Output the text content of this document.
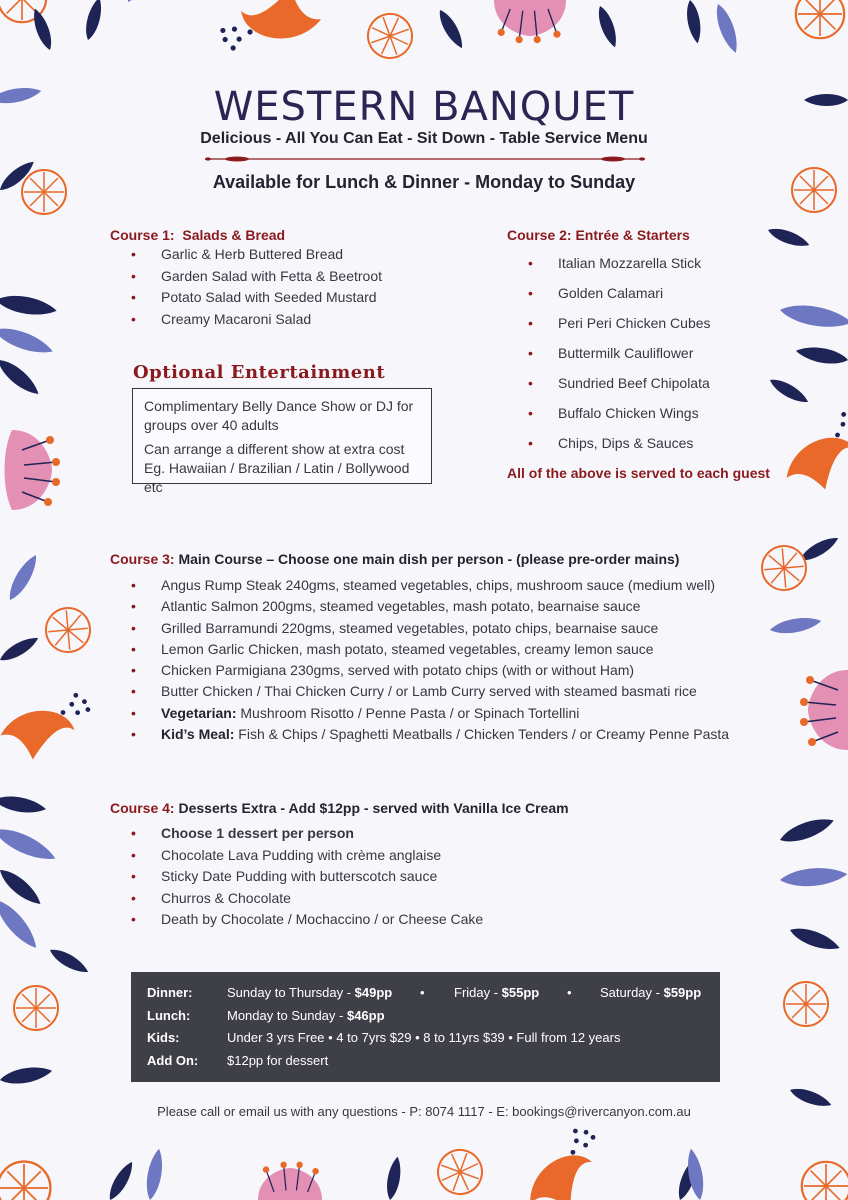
WESTERN BANQUET
Delicious - All You Can Eat - Sit Down - Table Service Menu
Available for Lunch & Dinner - Monday to Sunday
Course 1: Salads & Bread
• Garlic & Herb Buttered Bread
• Garden Salad with Fetta & Beetroot
• Potato Salad with Seeded Mustard
• Creamy Macaroni Salad
Optional Entertainment

Complimentary Belly Dance Show or DJ for groups over 40 adults

Can arrange a different show at extra cost Eg. Hawaiian / Brazilian / Latin / Bollywood etc

Course 2: Entrée & Starters
• Italian Mozzarella Stick
• Golden Calamari
• Peri Peri Chicken Cubes
• Buttermilk Cauliflower
• Sundried Beef Chipolata
• Buffalo Chicken Wings
• Chips, Dips & Sauces
All of the above is served to each guest
Course 3: Main Course – Choose one main dish per person - (please pre-order mains)
• Angus Rump Steak 240gms, steamed vegetables, chips, mushroom sauce (medium well)
• Atlantic Salmon 200gms, steamed vegetables, mash potato, bearnaise sauce
• Grilled Barramundi 220gms, steamed vegetables, potato chips, bearnaise sauce
• Lemon Garlic Chicken, mash potato, steamed vegetables, creamy lemon sauce
• Chicken Parmigiana 230gms, served with potato chips (with or without Ham)
• Butter Chicken / Thai Chicken Curry / or Lamb Curry served with steamed basmati rice
• Vegetarian: Mushroom Risotto / Penne Pasta / or Spinach Tortellini
• Kid’s Meal: Fish & Chips / Spaghetti Meatballs / Chicken Tenders / or Creamy Penne Pasta
Course 4: Desserts Extra - Add $12pp - served with Vanilla Ice Cream
• Choose 1 dessert per person
• Chocolate Lava Pudding with crème anglaise
• Sticky Date Pudding with butterscotch sauce
• Churros & Chocolate
• Death by Chocolate / Mochaccino / or Cheese Cake
Dinner:	Sunday to Thursday - $49pp • Friday - $55pp • Saturday - $59pp
Lunch:	Monday to Sunday - $46pp
Kids:	Under 3 yrs Free • 4 to 7yrs $29 • 8 to 11yrs $39 • Full from 12 years
Add On: $12pp for dessert
Please call or email us with any questions - P: 8074 1117 - E: bookings@rivercanyon.com.au
